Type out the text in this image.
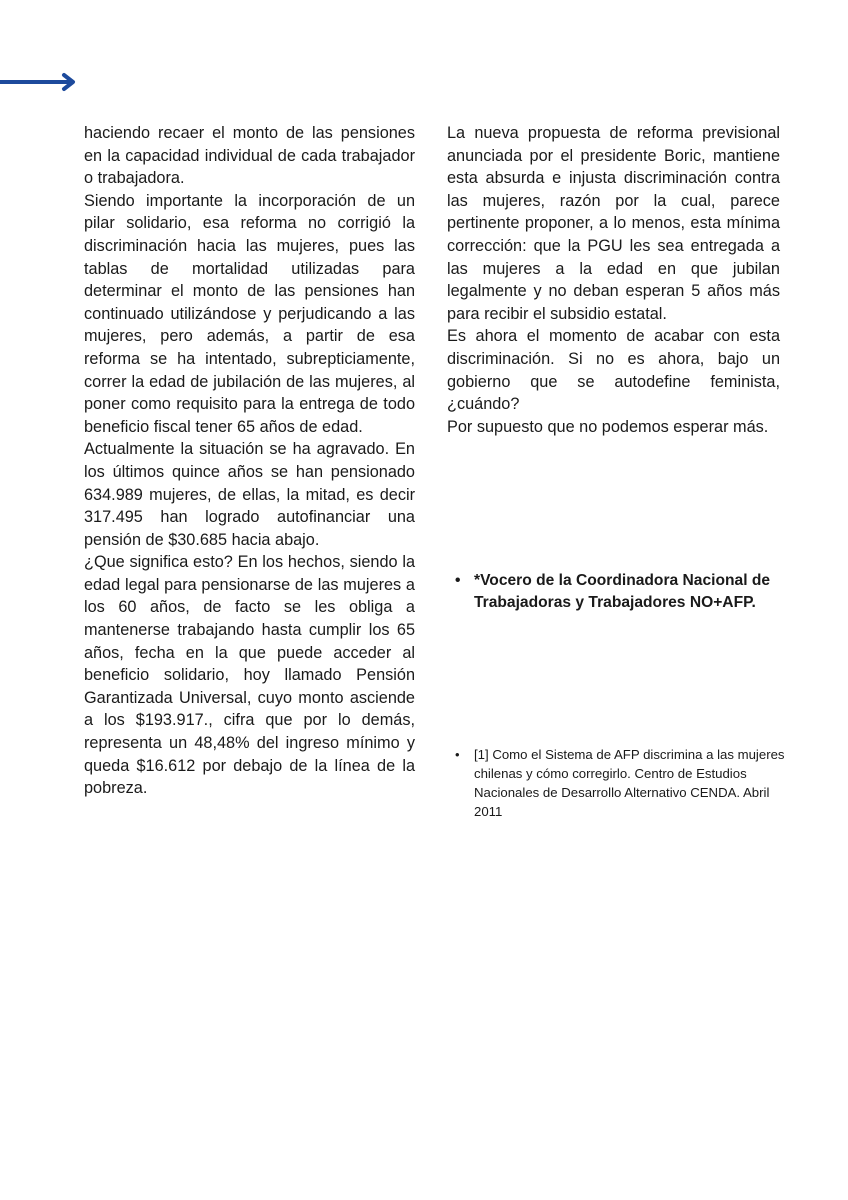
haciendo recaer el monto de las pensiones en la capacidad individual de cada trabajador o trabajadora.

Siendo importante la incorporación de un pilar solidario, esa reforma no corrigió la discriminación hacia las mujeres, pues las tablas de mortalidad utilizadas para determinar el monto de las pensiones han continuado utilizándose y perjudicando a las mujeres, pero además, a partir de esa reforma se ha intentado, subrepticiamente, correr la edad de jubilación de las mujeres, al poner como requisito para la entrega de todo beneficio fiscal tener 65 años de edad.

Actualmente la situación se ha agravado. En los últimos quince años se han pensionado 634.989 mujeres, de ellas, la mitad, es decir 317.495 han logrado autofinanciar una pensión de $30.685 hacia abajo.

¿Que significa esto? En los hechos, siendo la edad legal para pensionarse de las mujeres a los 60 años, de facto se les obliga a mantenerse trabajando hasta cumplir los 65 años, fecha en la que puede acceder al beneficio solidario, hoy llamado Pensión Garantizada Universal, cuyo monto asciende a los $193.917., cifra que por lo demás, representa un 48,48% del ingreso mínimo y queda $16.612 por debajo de la línea de la pobreza.

La nueva propuesta de reforma previsional anunciada por el presidente Boric, mantiene esta absurda e injusta discriminación contra las mujeres, razón por la cual, parece pertinente proponer, a lo menos, esta mínima corrección: que la PGU les sea entregada a las mujeres a la edad en que jubilan legalmente y no deban esperan 5 años más para recibir el subsidio estatal.

Es ahora el momento de acabar con esta discriminación. Si no es ahora, bajo un gobierno que se autodefine feminista, ¿cuándo?

Por supuesto que no podemos esperar más.

• *Vocero de la Coordinadora Nacional de Trabajadoras y Trabajadores NO+AFP.
• [1] Como el Sistema de AFP discrimina a las mujeres chilenas y cómo corregirlo. Centro de Estudios Nacionales de Desarrollo Alternativo CENDA. Abril 2011
